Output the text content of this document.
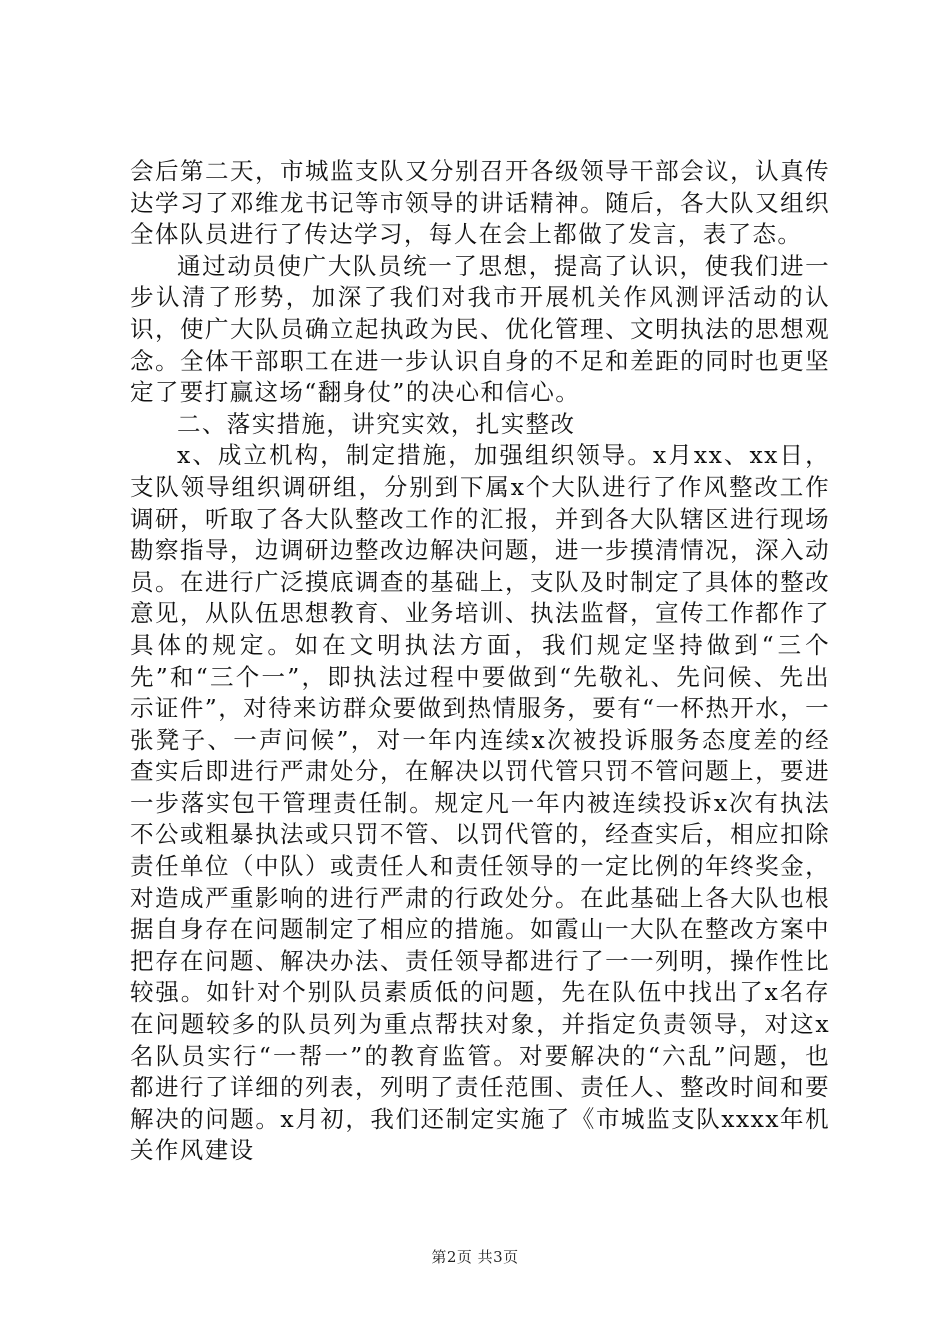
会后第二天，市城监支队又分别召开各级领导干部会议，认真传达学习了邓维龙书记等市领导的讲话精神。随后，各大队又组织全体队员进行了传达学习，每人在会上都做了发言，表了态。

通过动员使广大队员统一了思想，提高了认识，使我们进一步认清了形势，加深了我们对我市开展机关作风测评活动的认识，使广大队员确立起执政为民、优化管理、文明执法的思想观念。全体干部职工在进一步认识自身的不足和差距的同时也更坚定了要打赢这场“翻身仗”的决心和信心。

二、落实措施，讲究实效，扎实整改

x、成立机构，制定措施，加强组织领导。x月xx、xx日，支队领导组织调研组，分别到下属x个大队进行了作风整改工作调研，听取了各大队整改工作的汇报，并到各大队辖区进行现场勘察指导，边调研边整改边解决问题，进一步摸清情况，深入动员。在进行广泛摸底调查的基础上，支队及时制定了具体的整改意见，从队伍思想教育、业务培训、执法监督，宣传工作都作了具体的规定。如在文明执法方面，我们规定坚持做到“三个先”和“三个一”，即执法过程中要做到“先敬礼、先问候、先出示证件”，对待来访群众要做到热情服务，要有“一杯热开水，一张凳子、一声问候”，对一年内连续x次被投诉服务态度差的经查实后即进行严肃处分，在解决以罚代管只罚不管问题上，要进一步落实包干管理责任制。规定凡一年内被连续投诉x次有执法不公或粗暴执法或只罚不管、以罚代管的，经查实后，相应扣除责任单位（中队）或责任人和责任领导的一定比例的年终奖金，对造成严重影响的进行严肃的行政处分。在此基础上各大队也根据自身存在问题制定了相应的措施。如霞山一大队在整改方案中把存在问题、解决办法、责任领导都进行了一一列明，操作性比较强。如针对个别队员素质低的问题，先在队伍中找出了x名存在问题较多的队员列为重点帮扶对象，并指定负责领导，对这x名队员实行“一帮一”的教育监管。对要解决的“六乱”问题，也都进行了详细的列表，列明了责任范围、责任人、整改时间和要解决的问题。x月初，我们还制定实施了《市城监支队xxxx年机关作风建设

第2页 共3页
